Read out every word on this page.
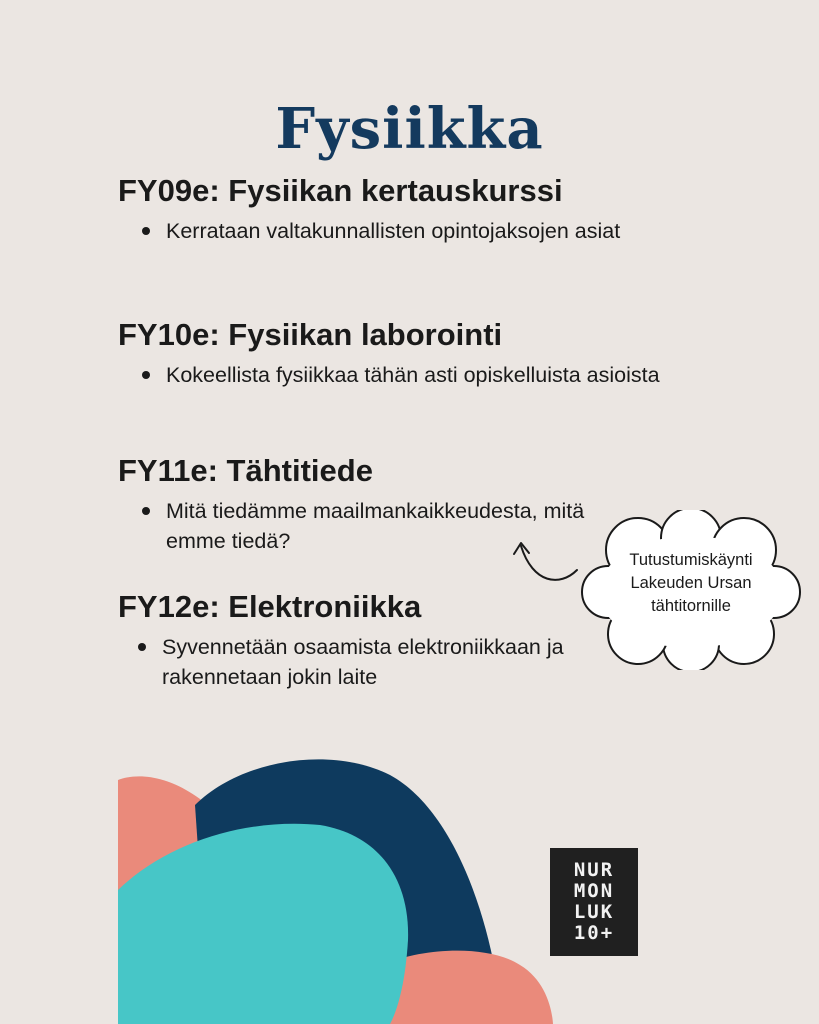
Fysiikka
FY09e: Fysiikan kertauskurssi
Kerrataan valtakunnallisten opintojaksojen asiat
FY10e: Fysiikan laborointi
Kokeellista fysiikkaa tähän asti opiskelluista asioista
FY11e: Tähtitiede
Mitä tiedämme maailmankaikkeudesta, mitä emme tiedä?
FY12e: Elektroniikka
Syvennetään osaamista elektroniikkaan ja rakennetaan jokin laite
Tutustumiskäynti
Lakeuden Ursan
tähtitornille
NUR
MON
LUK
10+
